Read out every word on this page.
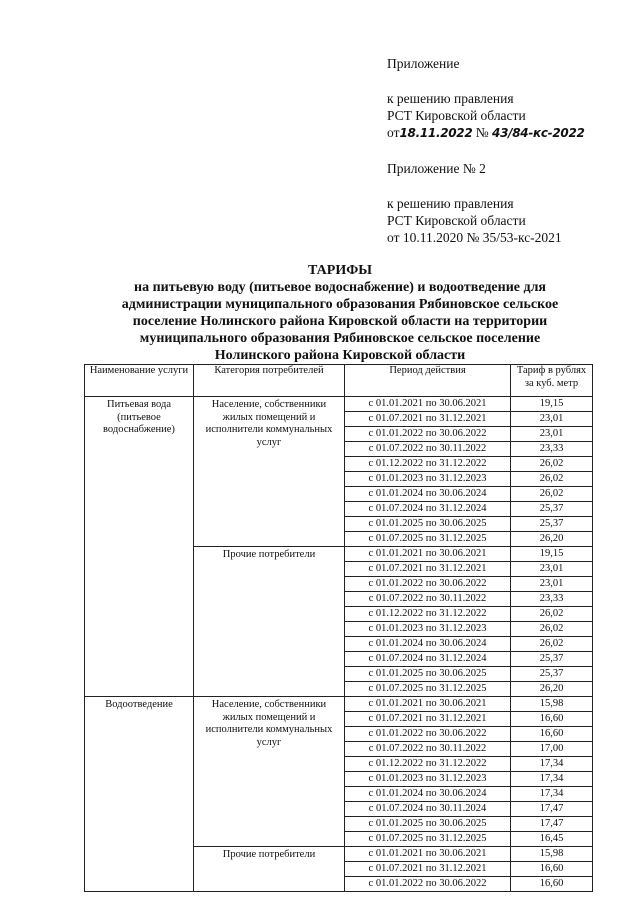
Приложение
к решению правления
РСТ Кировской области
от18.11.2022 № 43/84-кс-2022
Приложение № 2
к решению правления
РСТ Кировской области
от 10.11.2020 № 35/53-кс-2021
ТАРИФЫ
на питьевую воду (питьевое водоснабжение) и водоотведение для
администрации муниципального образования Рябиновское сельское
поселение Нолинского района Кировской области на территории
муниципального образования Рябиновское сельское поселение
Нолинского района Кировской области
Наименование услуги	Категория потребителей	Период действия	Тариф в рублях за куб. метр
Питьевая вода (питьевое водоснабжение)	Население, собственники жилых помещений и исполнители коммунальных услуг	с 01.01.2021 по 30.06.2021	19,15
		с 01.07.2021 по 31.12.2021	23,01
		с 01.01.2022 по 30.06.2022	23,01
		с 01.07.2022 по 30.11.2022	23,33
		с 01.12.2022 по 31.12.2022	26,02
		с 01.01.2023 по 31.12.2023	26,02
		с 01.01.2024 по 30.06.2024	26,02
		с 01.07.2024 по 31.12.2024	25,37
		с 01.01.2025 по 30.06.2025	25,37
		с 01.07.2025 по 31.12.2025	26,20
	Прочие потребители	с 01.01.2021 по 30.06.2021	19,15
		с 01.07.2021 по 31.12.2021	23,01
		с 01.01.2022 по 30.06.2022	23,01
		с 01.07.2022 по 30.11.2022	23,33
		с 01.12.2022 по 31.12.2022	26,02
		с 01.01.2023 по 31.12.2023	26,02
		с 01.01.2024 по 30.06.2024	26,02
		с 01.07.2024 по 31.12.2024	25,37
		с 01.01.2025 по 30.06.2025	25,37
		с 01.07.2025 по 31.12.2025	26,20
Водоотведение	Население, собственники жилых помещений и исполнители коммунальных услуг	с 01.01.2021 по 30.06.2021	15,98
		с 01.07.2021 по 31.12.2021	16,60
		с 01.01.2022 по 30.06.2022	16,60
		с 01.07.2022 по 30.11.2022	17,00
		с 01.12.2022 по 31.12.2022	17,34
		с 01.01.2023 по 31.12.2023	17,34
		с 01.01.2024 по 30.06.2024	17,34
		с 01.07.2024 по 30.11.2024	17,47
		с 01.01.2025 по 30.06.2025	17,47
		с 01.07.2025 по 31.12.2025	16,45
	Прочие потребители	с 01.01.2021 по 30.06.2021	15,98
		с 01.07.2021 по 31.12.2021	16,60
		с 01.01.2022 по 30.06.2022	16,60
